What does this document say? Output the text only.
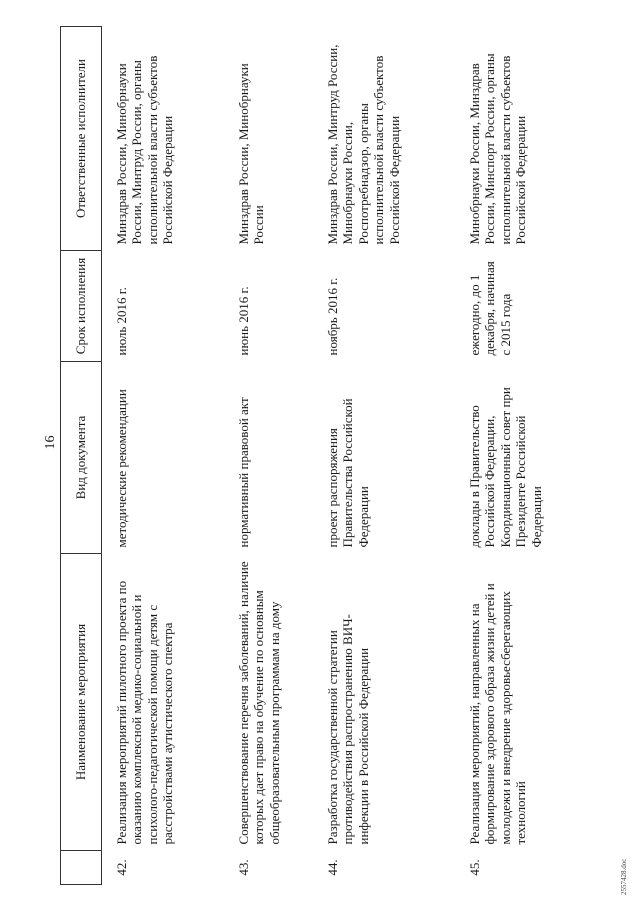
16
	Наименование мероприятия	Вид документа	Срок исполнения	Ответственные исполнители
42.	Реализация мероприятий пилотного проекта по оказанию комплексной медико-социальной и психолого-педагогической помощи детям с расстройствами аутистического спектра	методические рекомендации	июль 2016 г.	Минздрав России, Минобрнауки России, Минтруд России, органы исполнительной власти субъектов Российской Федерации
43.	Совершенствование перечня заболеваний, наличие которых дает право на обучение по основным общеобразовательным программам на дому	нормативный правовой акт	июнь 2016 г.	Минздрав России, Минобрнауки России
44.	Разработка государственной стратегии противодействия распространению ВИЧ-инфекции в Российской Федерации	проект распоряжения Правительства Российской Федерации	ноябрь 2016 г.	Минздрав России, Минтруд России, Минобрнауки России, Роспотребнадзор, органы исполнительной власти субъектов Российской Федерации
45.	Реализация мероприятий, направленных на формирование здорового образа жизни детей и молодежи и внедрение здоровьесберегающих технологий	доклады в Правительство Российской Федерации, Координационный совет при Президенте Российской Федерации	ежегодно, до 1 декабря, начиная с 2015 года	Минобрнауки России, Минздрав России, Минспорт России, органы исполнительной власти субъектов Российской Федерации
2557428.doc
